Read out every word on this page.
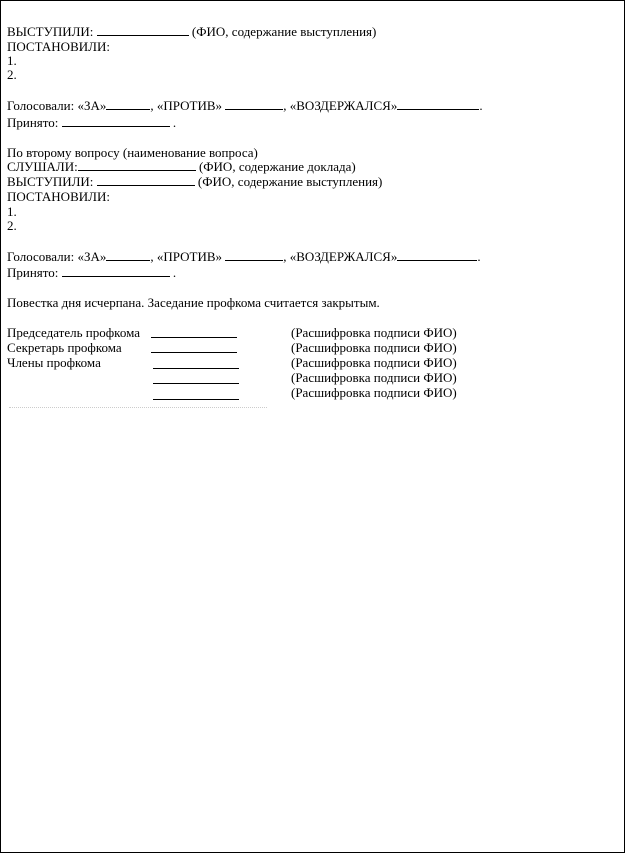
ВЫСТУПИЛИ:	(ФИО, содержание выступления)
ПОСТАНОВИЛИ:
1.
2.
Голосовали: «ЗА»	, «ПРОТИВ»	, «ВОЗДЕРЖАЛСЯ»	.
Принято:	.
По второму вопросу (наименование вопроса)
СЛУШАЛИ:	(ФИО, содержание доклада)
ВЫСТУПИЛИ:	(ФИО, содержание выступления)
ПОСТАНОВИЛИ:
1.
2.
Голосовали: «ЗА»	, «ПРОТИВ»	, «ВОЗДЕРЖАЛСЯ»	.
Принято:	.
Повестка дня исчерпана. Заседание профкома считается закрытым.
Председатель профкома	(Расшифровка подписи ФИО)
Секретарь профкома	(Расшифровка подписи ФИО)
Члены профкома	(Расшифровка подписи ФИО)
(Расшифровка подписи ФИО)
(Расшифровка подписи ФИО)
